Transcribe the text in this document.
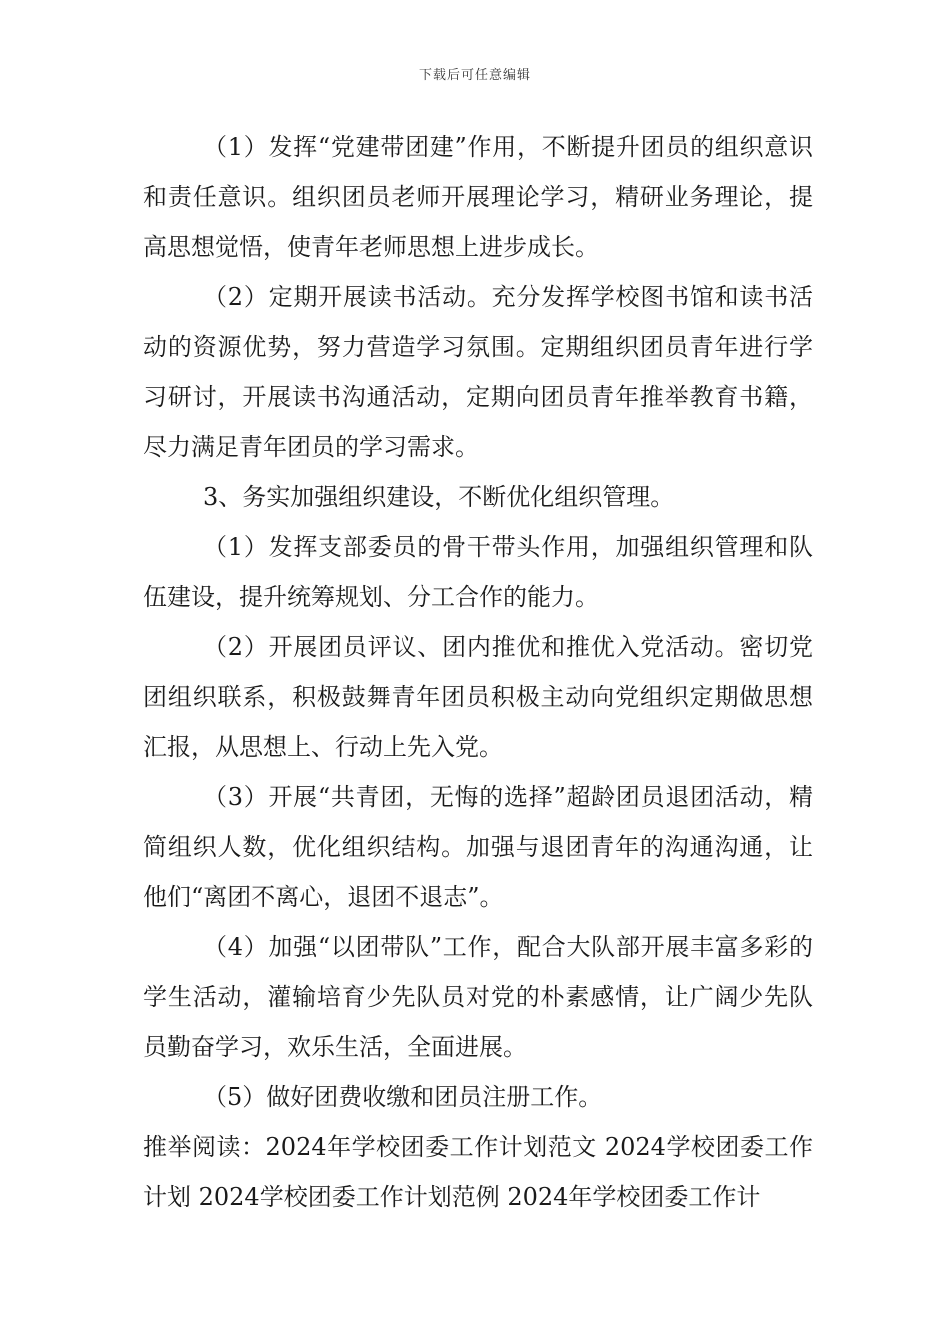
下载后可任意编辑

（1）发挥“党建带团建”作用，不断提升团员的组织意识和责任意识。组织团员老师开展理论学习，精研业务理论，提高思想觉悟，使青年老师思想上进步成长。

（2）定期开展读书活动。充分发挥学校图书馆和读书活动的资源优势，努力营造学习氛围。定期组织团员青年进行学习研讨，开展读书沟通活动，定期向团员青年推举教育书籍，尽力满足青年团员的学习需求。

3、务实加强组织建设，不断优化组织管理。

（1）发挥支部委员的骨干带头作用，加强组织管理和队伍建设，提升统筹规划、分工合作的能力。

（2）开展团员评议、团内推优和推优入党活动。密切党团组织联系，积极鼓舞青年团员积极主动向党组织定期做思想汇报，从思想上、行动上先入党。

（3）开展“共青团，无悔的选择”超龄团员退团活动，精简组织人数，优化组织结构。加强与退团青年的沟通沟通，让他们“离团不离心，退团不退志”。

（4）加强“以团带队”工作，配合大队部开展丰富多彩的学生活动，灌输培育少先队员对党的朴素感情，让广阔少先队员勤奋学习，欢乐生活，全面进展。

（5）做好团费收缴和团员注册工作。

推举阅读：2024年学校团委工作计划范文 2024学校团委工作计划 2024学校团委工作计划范例 2024年学校团委工作计
